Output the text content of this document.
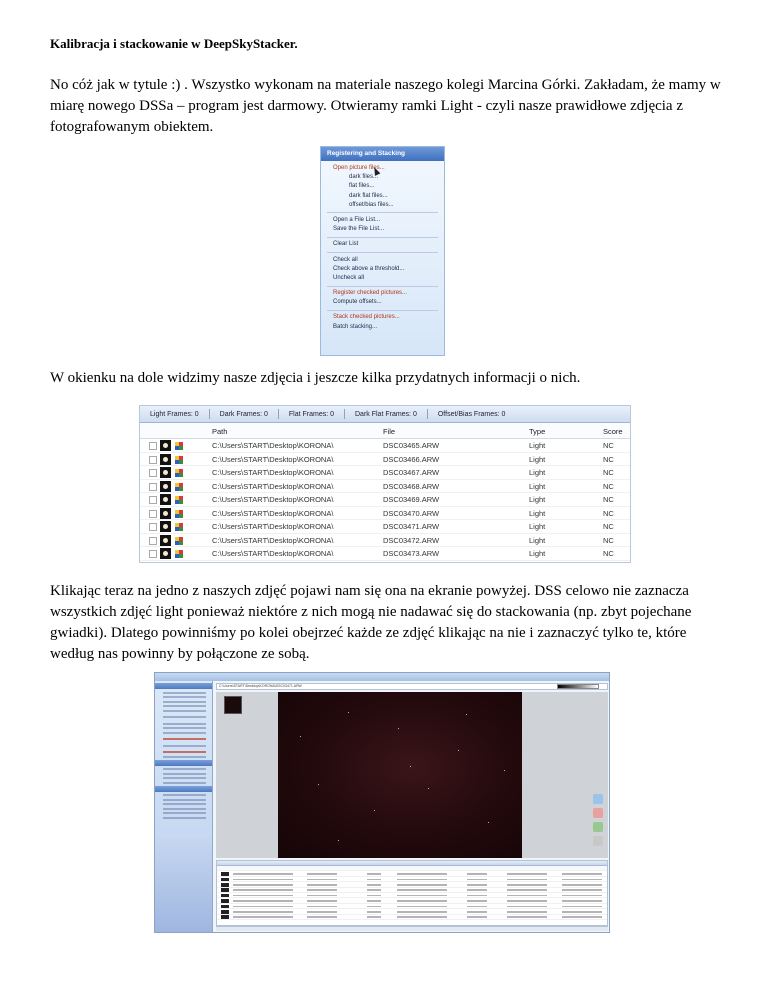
Kalibracja i stackowanie w DeepSkyStacker.
No cóż jak w tytule :) . Wszystko wykonam na materiale naszego kolegi Marcina Górki. Zakładam, że mamy w miarę nowego DSSa – program jest darmowy. Otwieramy ramki Light - czyli nasze prawidłowe zdjęcia z fotografowanym obiektem.
Registering and Stacking
Open picture files...
dark files...
flat files...
dark flat files...
offset/bias files...
Open a File List...
Save the File List...
Clear List
Check all
Check above a threshold...
Uncheck all
Register checked pictures...
Compute offsets...
Stack checked pictures...
Batch stacking...
W okienku na dole widzimy nasze zdjęcia i jeszcze kilka przydatnych informacji o nich.
Light Frames: 0	Dark Frames: 0	Flat Frames: 0	Dark Flat Frames: 0	Offset/Bias Frames: 0
Path	File	Type	Score
C:\Users\START\Desktop\KORONA\	DSC03465.ARW	Light	NC
C:\Users\START\Desktop\KORONA\	DSC03466.ARW	Light	NC
C:\Users\START\Desktop\KORONA\	DSC03467.ARW	Light	NC
C:\Users\START\Desktop\KORONA\	DSC03468.ARW	Light	NC
C:\Users\START\Desktop\KORONA\	DSC03469.ARW	Light	NC
C:\Users\START\Desktop\KORONA\	DSC03470.ARW	Light	NC
C:\Users\START\Desktop\KORONA\	DSC03471.ARW	Light	NC
C:\Users\START\Desktop\KORONA\	DSC03472.ARW	Light	NC
C:\Users\START\Desktop\KORONA\	DSC03473.ARW	Light	NC
Klikając teraz na jedno z naszych zdjęć pojawi nam się ona na ekranie powyżej. DSS celowo nie zaznacza wszystkich zdjęć light ponieważ niektóre z nich mogą nie nadawać się do stackowania (np. zbyt pojechane gwiadki). Dlatego powinniśmy po kolei obejrzeć każde ze zdjęć klikając na nie i zaznaczyć tylko te, które według nas powinny by połączone ze sobą.
C:\Users\START\Desktop\KORONA\DSC03471.ARW
